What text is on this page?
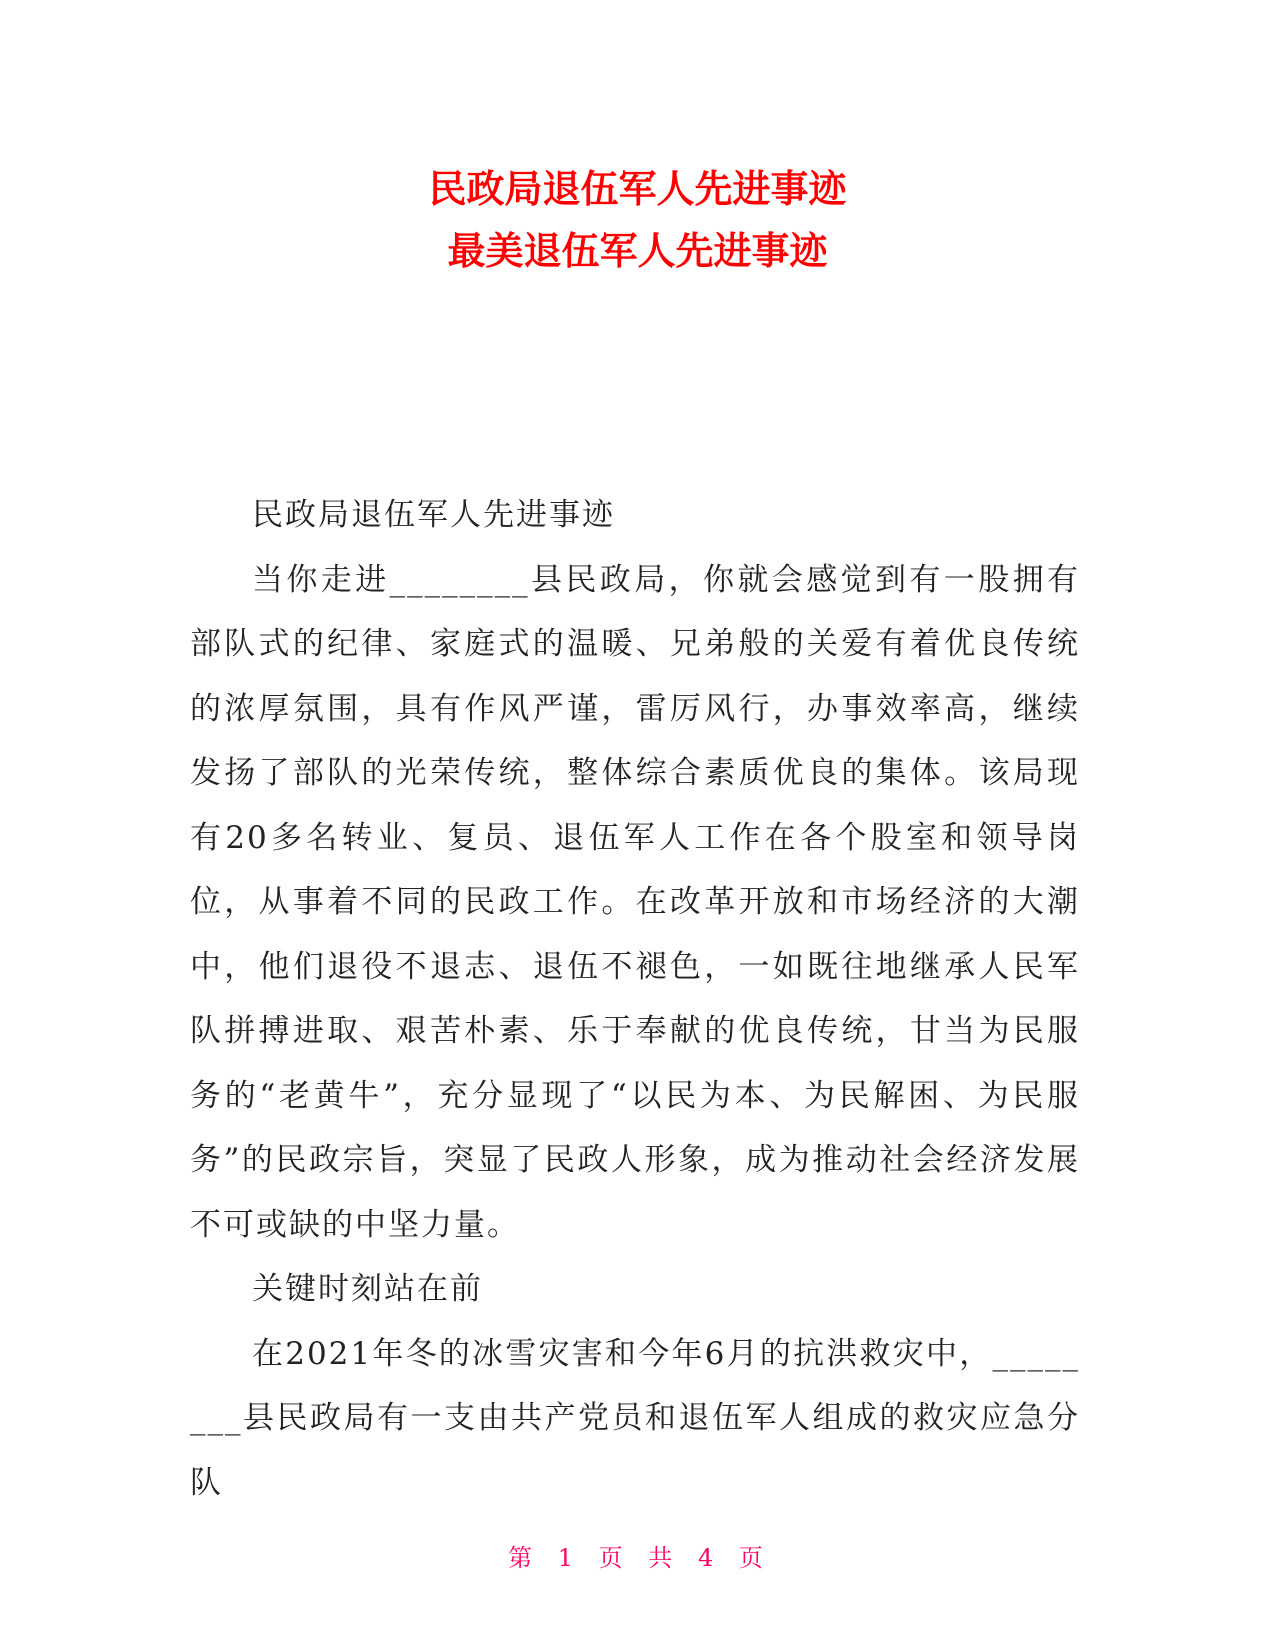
民政局退伍军人先进事迹
最美退伍军人先进事迹

民政局退伍军人先进事迹

当你走进________县民政局，你就会感觉到有一股拥有部队式的纪律、家庭式的温暖、兄弟般的关爱有着优良传统的浓厚氛围，具有作风严谨，雷厉风行，办事效率高，继续发扬了部队的光荣传统，整体综合素质优良的集体。该局现有20多名转业、复员、退伍军人工作在各个股室和领导岗位，从事着不同的民政工作。在改革开放和市场经济的大潮中，他们退役不退志、退伍不褪色，一如既往地继承人民军队拼搏进取、艰苦朴素、乐于奉献的优良传统，甘当为民服务的“老黄牛”，充分显现了“以民为本、为民解困、为民服务”的民政宗旨，突显了民政人形象，成为推动社会经济发展不可或缺的中坚力量。

关键时刻站在前

在2021年冬的冰雪灾害和今年6月的抗洪救灾中，________县民政局有一支由共产党员和退伍军人组成的救灾应急分队

第 1 页 共 4 页
